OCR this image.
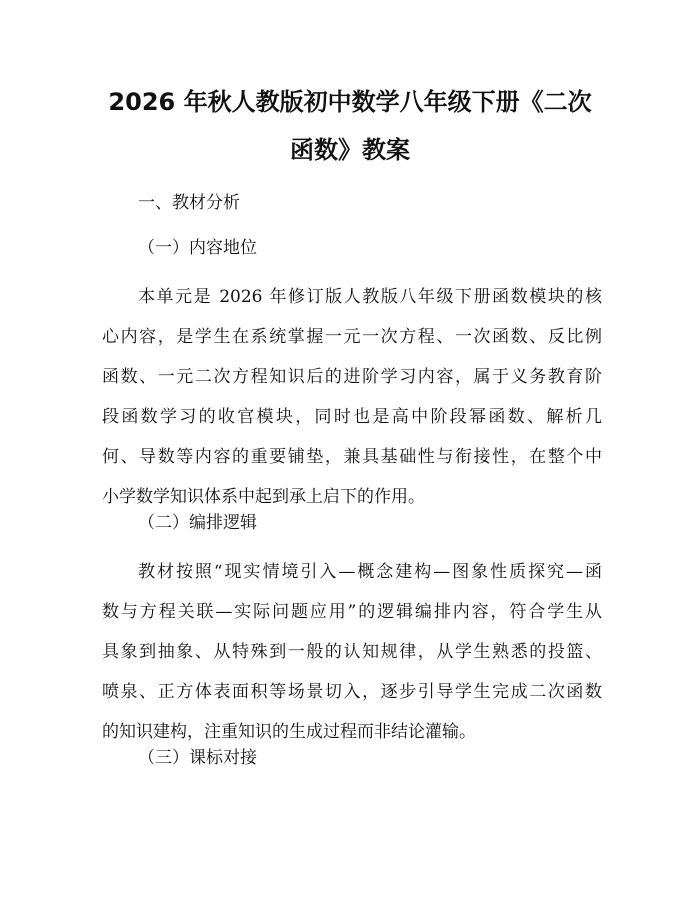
2026 年秋人教版初中数学八年级下册《二次
函数》教案
一、教材分析
（一）内容地位
本单元是 2026 年修订版人教版八年级下册函数模块的核
心内容，是学生在系统掌握一元一次方程、一次函数、反比例
函数、一元二次方程知识后的进阶学习内容，属于义务教育阶
段函数学习的收官模块，同时也是高中阶段幂函数、解析几
何、导数等内容的重要铺垫，兼具基础性与衔接性，在整个中
小学数学知识体系中起到承上启下的作用。
（二）编排逻辑
教材按照“现实情境引入—概念建构—图象性质探究—函
数与方程关联—实际问题应用”的逻辑编排内容，符合学生从
具象到抽象、从特殊到一般的认知规律，从学生熟悉的投篮、
喷泉、正方体表面积等场景切入，逐步引导学生完成二次函数
的知识建构，注重知识的生成过程而非结论灌输。
（三）课标对接
